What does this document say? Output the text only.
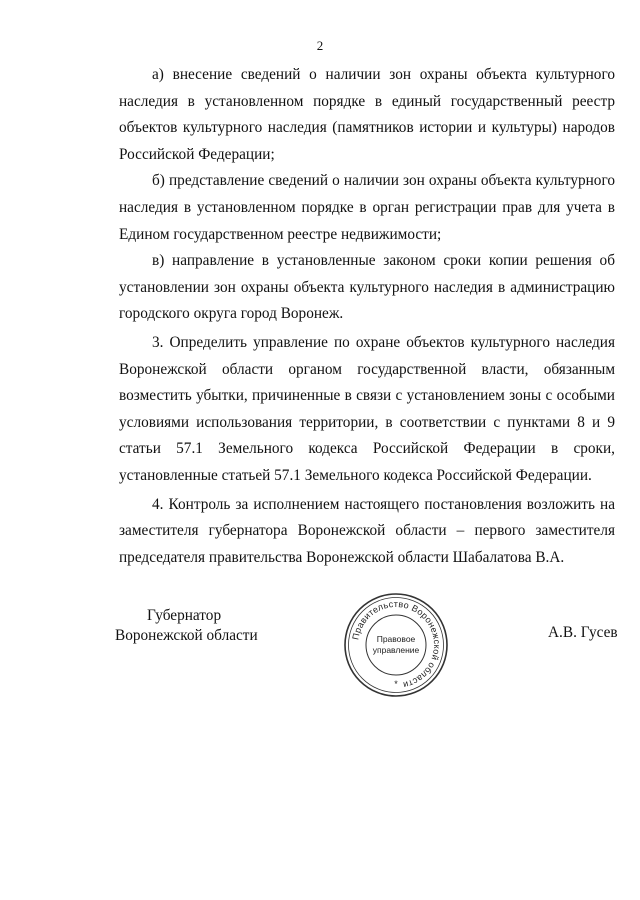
2

а) внесение сведений о наличии зон охраны объекта культурного наследия в установленном порядке в единый государственный реестр объектов культурного наследия (памятников истории и культуры) народов Российской Федерации;

б) представление сведений о наличии зон охраны объекта культурного наследия в установленном порядке в орган регистрации прав для учета в Едином государственном реестре недвижимости;

в) направление в установленные законом сроки копии решения об установлении зон охраны объекта культурного наследия в администрацию городского округа город Воронеж.

3. Определить управление по охране объектов культурного наследия Воронежской области органом государственной власти, обязанным возместить убытки, причиненные в связи с установлением зоны с особыми условиями использования территории, в соответствии с пунктами 8 и 9 статьи 57.1 Земельного кодекса Российской Федерации в сроки, установленные статьей 57.1 Земельного кодекса Российской Федерации.

4. Контроль за исполнением настоящего постановления возложить на заместителя губернатора Воронежской области – первого заместителя председателя правительства Воронежской области Шабалатова В.А.

Губернатор
Воронежской области	Правительство Воронежской области
Правовое
управление
*
А.В. Гусев
